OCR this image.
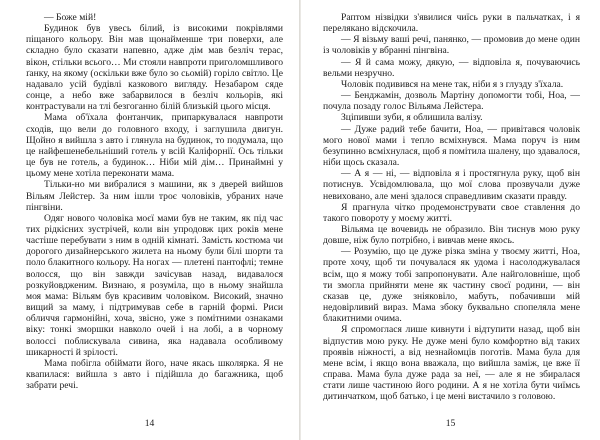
— Боже мій!

Будинок був увесь білий, із високими покрівлями піщаного кольору. Він мав щонайменше три поверхи, але складно було сказати напевно, адже дім мав безліч терас, вікон, стільки всього… Ми стояли навпроти приголомшливого ґанку, на якому (оскільки вже було зо сьомій) горіло світло. Це надавало усій будівлі казкового вигляду. Незабаром сяде сонце, а небо вже забарвилося в безліч кольорів, які контрастували на тлі безгоганно білій близькій цього місця.

Мама об'їхала фонтанчик, припаркувалася навпроти сходів, що вели до головного входу, і заглушила двигун. Щойно я вийшла з авто і глянула на будинок, то подумала, що це найфешенебельніший готель у всій Каліфорнії. Ось тільки це був не готель, а будинок… Ніби мій дім… Принаймні у цьому мене хотіла переконати мама.

Тільки-но ми вибралися з машини, як з дверей вийшов Вільям Лейстер. За ним ішли троє чоловіків, убраних наче пінгвіни.

Одяг нового чоловіка моєї мами був не таким, як під час тих рідкісних зустрічей, коли він упродовж цих років мене частіше перебувати з ним в одній кімнаті. Замість костюма чи дорогого дизайнерського жилета на ньому були білі шорти та поло блакитного кольору. На ногах — плетені пантофлі; темне волосся, що він завжди зачісував назад, видавалося розкуйовдженим. Визнаю, я розуміла, що в ньому знайшла моя мама: Вільям був красивим чоловіком. Високий, значно вищий за маму, і підтримував себе в гарній формі. Риси обличчя гармонійні, хоча, звісно, уже з помітними ознаками віку: тонкі зморшки навколо очей і на лобі, а в чорному волоссі поблискувала сивина, яка надавала особливому шикарності й зрілості.

Мама побігла обіймати його, наче якась школярка. Я не квапилася: вийшла з авто і підійшла до багажника, щоб забрати речі.

14

Раптом нізвідки з'явилися чиїсь руки в пальчатках, і я перелякано відскочила.

— Я візьму ваші речі, панянко, — промовив до мене один із чоловіків у вбранні пінгвіна.

— Я й сама можу, дякую, — відповіла я, почуваючись вельми незручно.

Чоловік подивився на мене так, ніби я з глузду з'їхала.

— Бенджамін, дозволь Мартіну допомогти тобі, Ноа, — почула позаду голос Вільяма Лейстера.

Зціпивши зуби, я облишила валізу.

— Дуже радий тебе бачити, Ноа, — привітався чоловік мого нової мами і тепло всміхнувся. Мама поруч із ним безупинно всміхнулася, щоб я помітила шалену, що здавалося, ніби щось сказала.

— А я — ні, — відповіла я і простягнула руку, щоб він потиснув. Усвідомлювала, що мої слова прозвучали дуже невиховано, але мені здалося справедливим сказати правду.

Я прагнула чітко продемонструвати свое ставлення до такого повороту у моєму житті.

Вільяма це вочевидь не образило. Він тиснув мою руку довше, ніж було потрібно, і вивчав мене якось.

— Розумію, що це дуже різка зміна у твоєму житті, Ноа, проте хочу, щоб ти почувалася як удома і насолоджувалася всім, що я можу тобі запропонувати. Але найголовніше, щоб ти змогла прийняти мене як частину своєї родини, — він сказав це, дуже зніяковіло, мабуть, побачивши мій недовірливий вираз. Мама збоку буквально спопеляла мене блакитними очима.

Я спромоглася лише кивнути і відтупити назад, щоб він відпустив мою руку. Не дуже мені було комфортно від таких проявів ніжності, а від незнайомців поготів. Мама була для мене всім, і якщо вона вважала, що вийшла заміж, це вже її справа. Мама була дуже рада за неї, — але я не збиралася стати лише частиною його родини. А я не хотіла бути чиїмсь дитинчатком, щоб батько, і це мені вистачило з головою.

15
